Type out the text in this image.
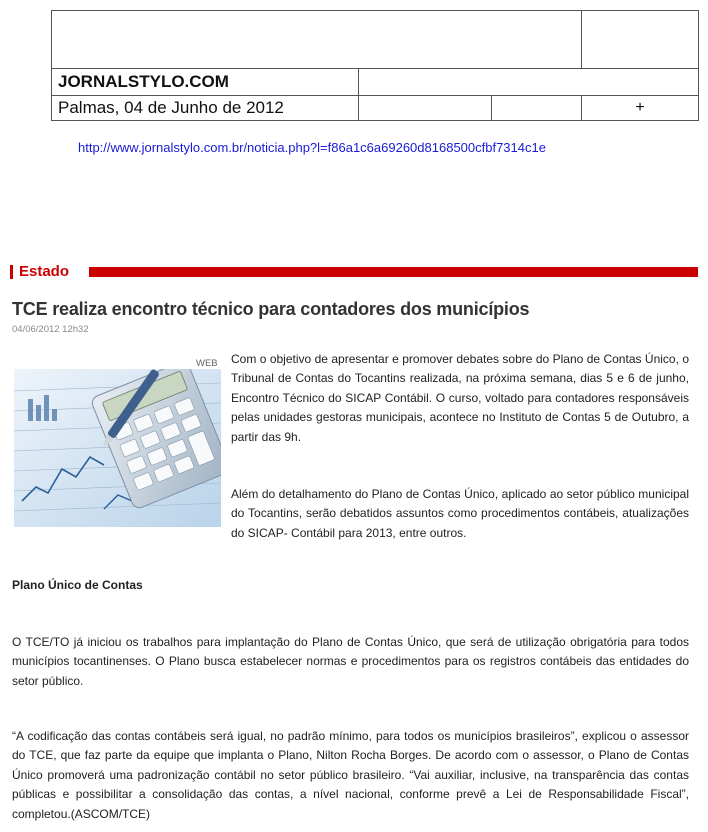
JORNALSTYLO.COM			
Palmas, 04 de Junho de 2012			+
http://www.jornalstylo.com.br/noticia.php?l=f86a1c6a69260d8168500cfbf7314c1e
Estado
TCE realiza encontro técnico para contadores dos municípios
04/06/2012 12h32
WEB Com o objetivo de apresentar e promover debates sobre do Plano de Contas Único, o Tribunal de Contas do Tocantins realizada, na próxima semana, dias 5 e 6 de junho, Encontro Técnico do SICAP Contábil. O curso, voltado para contadores responsáveis pelas unidades gestoras municipais, acontece no Instituto de Contas 5 de Outubro, a partir das 9h.

Além do detalhamento do Plano de Contas Único, aplicado ao setor público municipal do Tocantins, serão debatidos assuntos como procedimentos contábeis, atualizações do SICAP- Contábil para 2013, entre outros.

Plano Único de Contas

O TCE/TO já iniciou os trabalhos para implantação do Plano de Contas Único, que será de utilização obrigatória para todos municípios tocantinenses. O Plano busca estabelecer normas e procedimentos para os registros contábeis das entidades do setor público.

“A codificação das contas contábeis será igual, no padrão mínimo, para todos os municípios brasileiros”, explicou o assessor do TCE, que faz parte da equipe que implanta o Plano, Nilton Rocha Borges. De acordo com o assessor, o Plano de Contas Único promoverá uma padronização contábil no setor público brasileiro. “Vai auxiliar, inclusive, na transparência das contas públicas e possibilitar a consolidação das contas, a nível nacional, conforme prevê a Lei de Responsabilidade Fiscal”, completou.(ASCOM/TCE)
